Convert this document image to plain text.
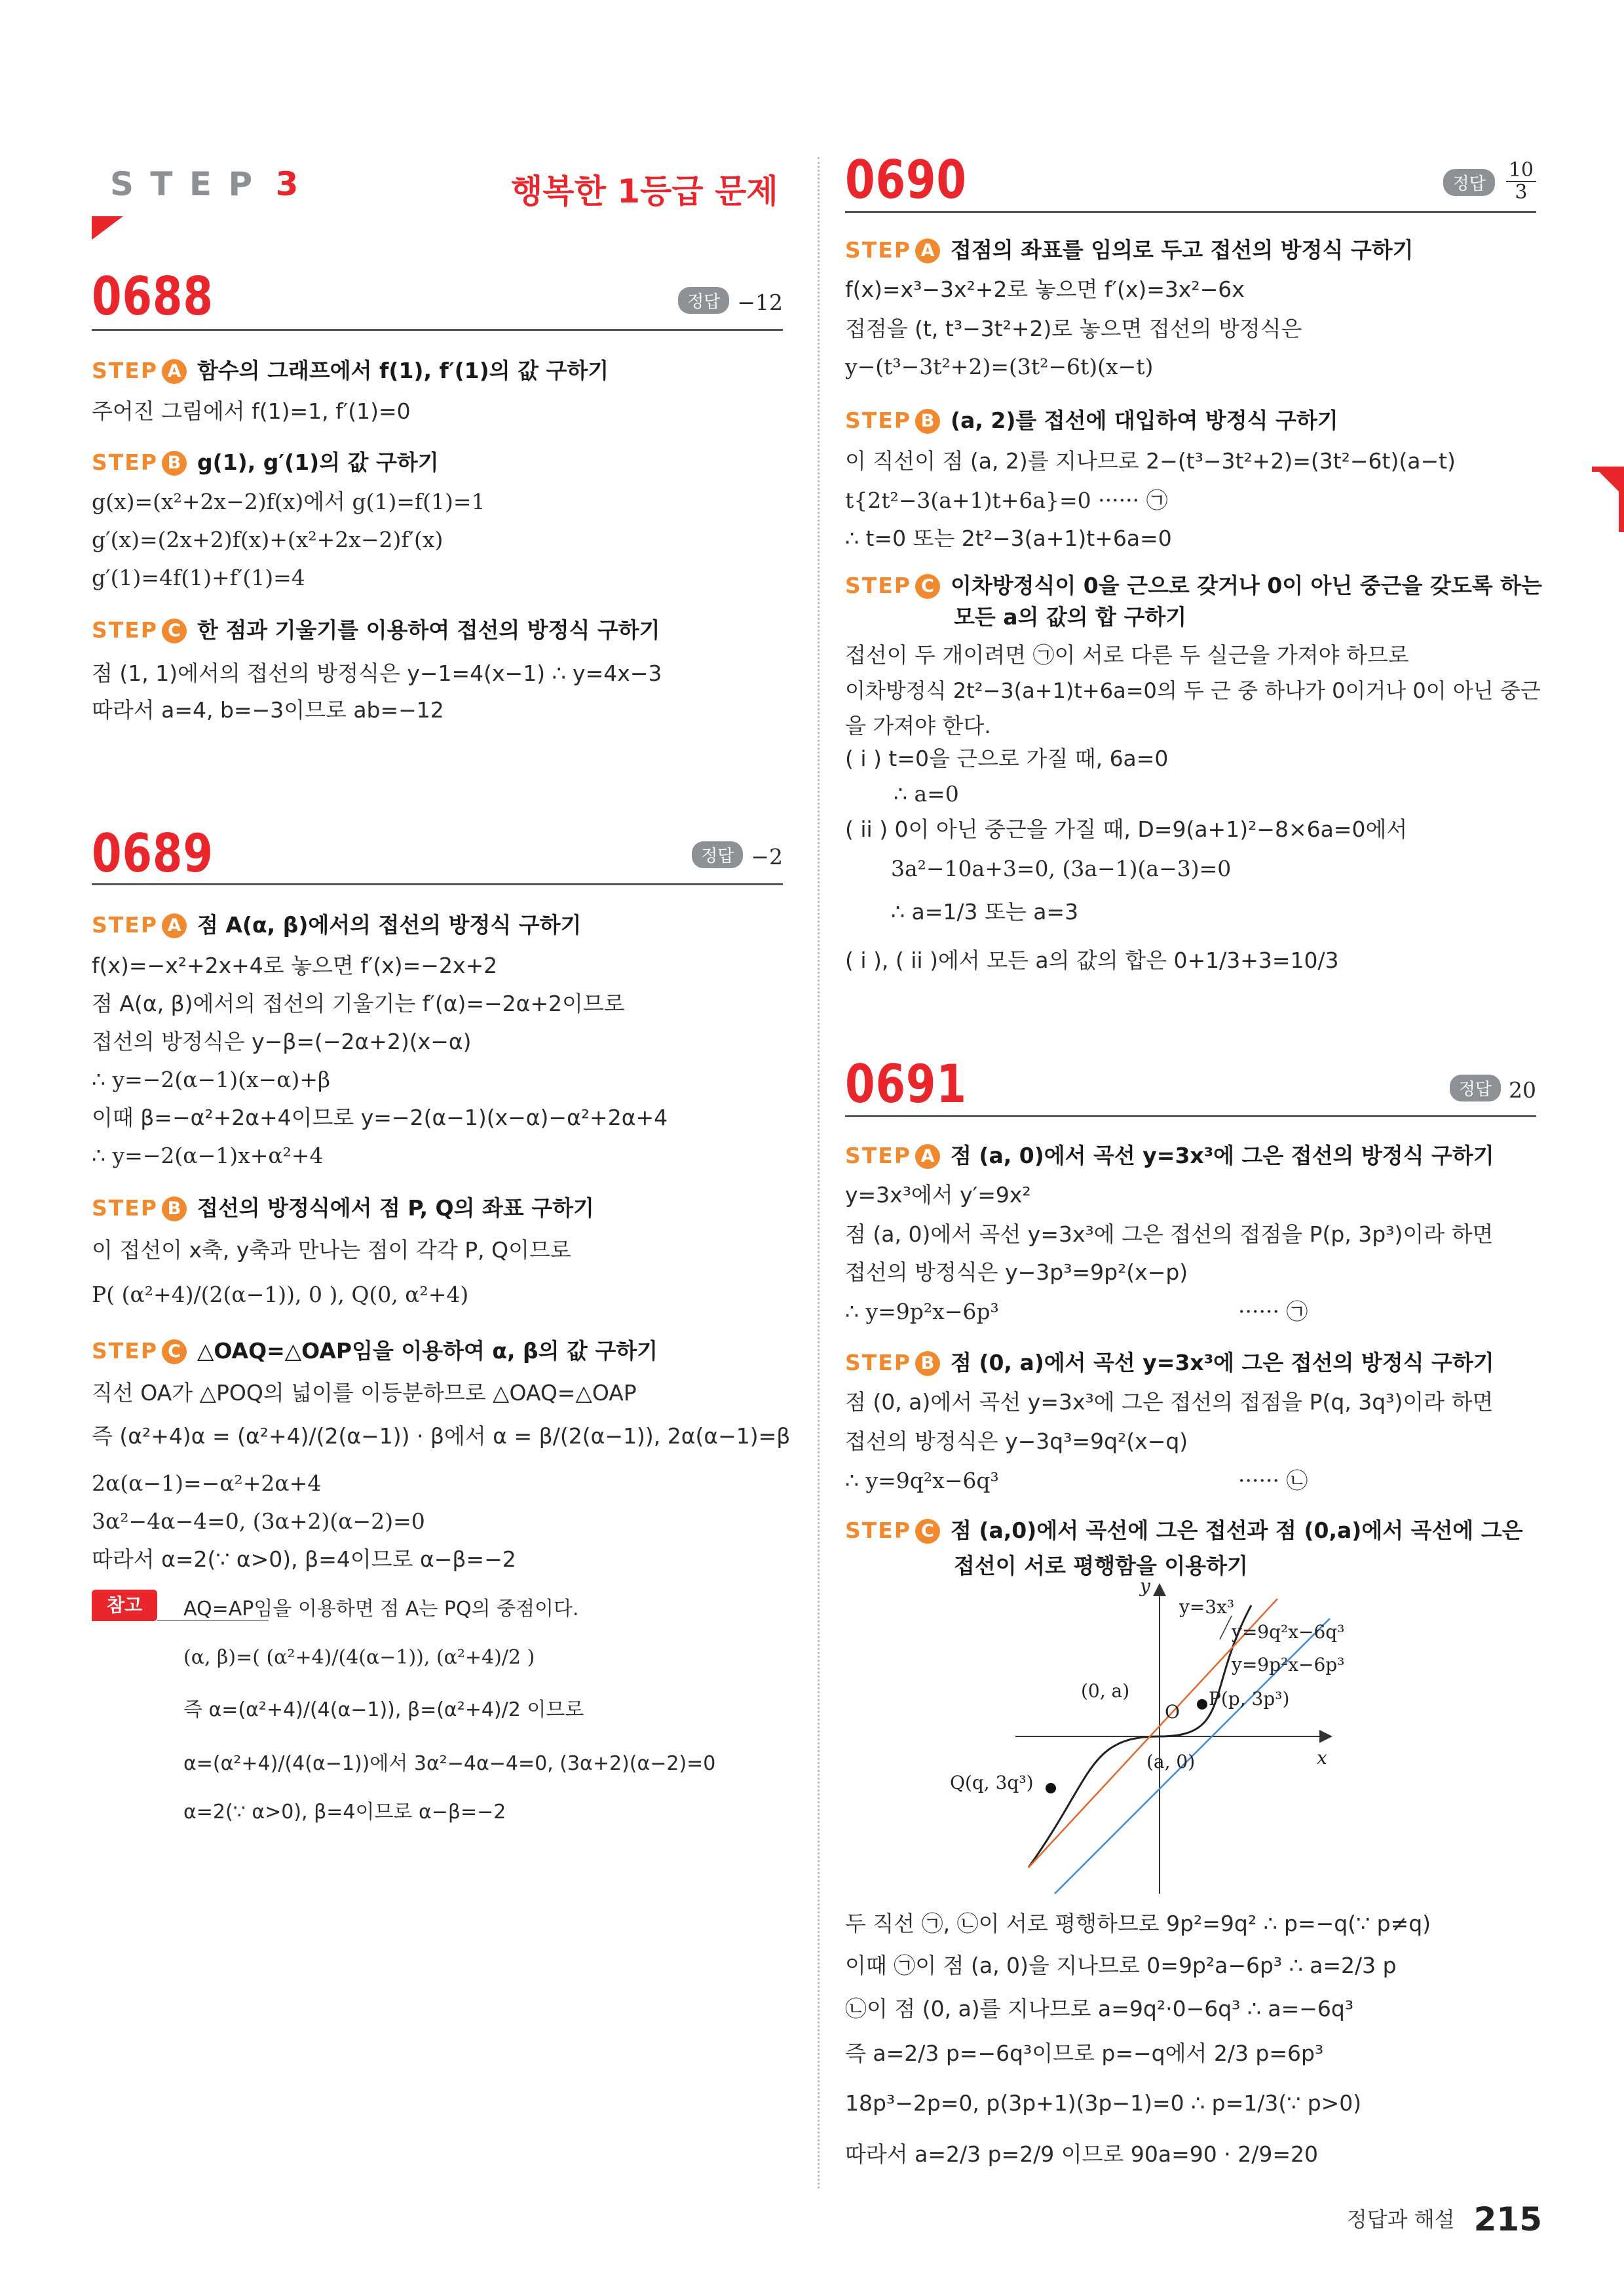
S T E P 3	행복한 1등급 문제
0688	정답 −12
STEP A 함수의 그래프에서 f(1), f′(1)의 값 구하기
주어진 그림에서 f(1)=1, f′(1)=0
STEP B g(1), g′(1)의 값 구하기
g(x)=(x²+2x−2)f(x)에서 g(1)=f(1)=1
g′(x)=(2x+2)f(x)+(x²+2x−2)f′(x)
g′(1)=4f(1)+f′(1)=4
STEP C 한 점과 기울기를 이용하여 접선의 방정식 구하기
점 (1, 1)에서의 접선의 방정식은 y−1=4(x−1) ∴ y=4x−3
따라서 a=4, b=−3이므로 ab=−12
0689	정답 −2
STEP A 점 A(α, β)에서의 접선의 방정식 구하기
f(x)=−x²+2x+4로 놓으면 f′(x)=−2x+2
점 A(α, β)에서의 접선의 기울기는 f′(α)=−2α+2이므로
접선의 방정식은 y−β=(−2α+2)(x−α)
∴ y=−2(α−1)(x−α)+β
이때 β=−α²+2α+4이므로 y=−2(α−1)(x−α)−α²+2α+4
∴ y=−2(α−1)x+α²+4
STEP B 접선의 방정식에서 점 P, Q의 좌표 구하기
이 접선이 x축, y축과 만나는 점이 각각 P, Q이므로
P( (α²+4)/(2(α−1)), 0 ), Q(0, α²+4)
STEP C △OAQ=△OAP임을 이용하여 α, β의 값 구하기
직선 OA가 △POQ의 넓이를 이등분하므로 △OAQ=△OAP
즉 (α²+4)α = (α²+4)/(2(α−1)) · β에서 α = β/(2(α−1)), 2α(α−1)=β
2α(α−1)=−α²+2α+4
3α²−4α−4=0, (3α+2)(α−2)=0
따라서 α=2(∵ α>0), β=4이므로 α−β=−2
참고	AQ=AP임을 이용하면 점 A는 PQ의 중점이다.
(α, β)=( (α²+4)/(4(α−1)), (α²+4)/2 )
즉 α=(α²+4)/(4(α−1)), β=(α²+4)/2 이므로
α=(α²+4)/(4(α−1))에서 3α²−4α−4=0, (3α+2)(α−2)=0
α=2(∵ α>0), β=4이므로 α−β=−2
0690	정답 $\frac{10}{3}$
STEP A 접점의 좌표를 임의로 두고 접선의 방정식 구하기
f(x)=x³−3x²+2로 놓으면 f′(x)=3x²−6x
접점을 (t, t³−3t²+2)로 놓으면 접선의 방정식은
y−(t³−3t²+2)=(3t²−6t)(x−t)
STEP B (a, 2)를 접선에 대입하여 방정식 구하기
이 직선이 점 (a, 2)를 지나므로 2−(t³−3t²+2)=(3t²−6t)(a−t)
t{2t²−3(a+1)t+6a}=0 ······ ㉠
∴ t=0 또는 2t²−3(a+1)t+6a=0
STEP C 이차방정식이 0을 근으로 갖거나 0이 아닌 중근을 갖도록 하는
모든 a의 값의 합 구하기
접선이 두 개이려면 ㉠이 서로 다른 두 실근을 가져야 하므로
이차방정식 2t²−3(a+1)t+6a=0의 두 근 중 하나가 0이거나 0이 아닌 중근
을 가져야 한다.
( i ) t=0을 근으로 가질 때, 6a=0
∴ a=0
( ii ) 0이 아닌 중근을 가질 때, D=9(a+1)²−8×6a=0에서
3a²−10a+3=0, (3a−1)(a−3)=0
∴ a=1/3 또는 a=3
( i ), ( ii )에서 모든 a의 값의 합은 0+1/3+3=10/3
0691	정답 20
STEP A 점 (a, 0)에서 곡선 y=3x³에 그은 접선의 방정식 구하기
y=3x³에서 y′=9x²
점 (a, 0)에서 곡선 y=3x³에 그은 접선의 접점을 P(p, 3p³)이라 하면
접선의 방정식은 y−3p³=9p²(x−p)
∴ y=9p²x−6p³	······ ㉠
STEP B 점 (0, a)에서 곡선 y=3x³에 그은 접선의 방정식 구하기
점 (0, a)에서 곡선 y=3x³에 그은 접선의 접점을 P(q, 3q³)이라 하면
접선의 방정식은 y−3q³=9q²(x−q)
∴ y=9q²x−6q³	······ ㉡
STEP C 점 (a,0)에서 곡선에 그은 접선과 점 (0,a)에서 곡선에 그은
접선이 서로 평행함을 이용하기
y
x
y=3x³
y=9q²x−6q³
y=9p²x−6p³
(0, a)
O
P(p, 3p³)
Q(q, 3q³)
(a, 0)
두 직선 ㉠, ㉡이 서로 평행하므로 9p²=9q² ∴ p=−q(∵ p≠q)
이때 ㉠이 점 (a, 0)을 지나므로 0=9p²a−6p³ ∴ a=2/3 p
㉡이 점 (0, a)를 지나므로 a=9q²·0−6q³ ∴ a=−6q³
즉 a=2/3 p=−6q³이므로 p=−q에서 2/3 p=6p³
18p³−2p=0, p(3p+1)(3p−1)=0 ∴ p=1/3(∵ p>0)
따라서 a=2/3 p=2/9 이므로 90a=90 · 2/9=20
정답과 해설 215
